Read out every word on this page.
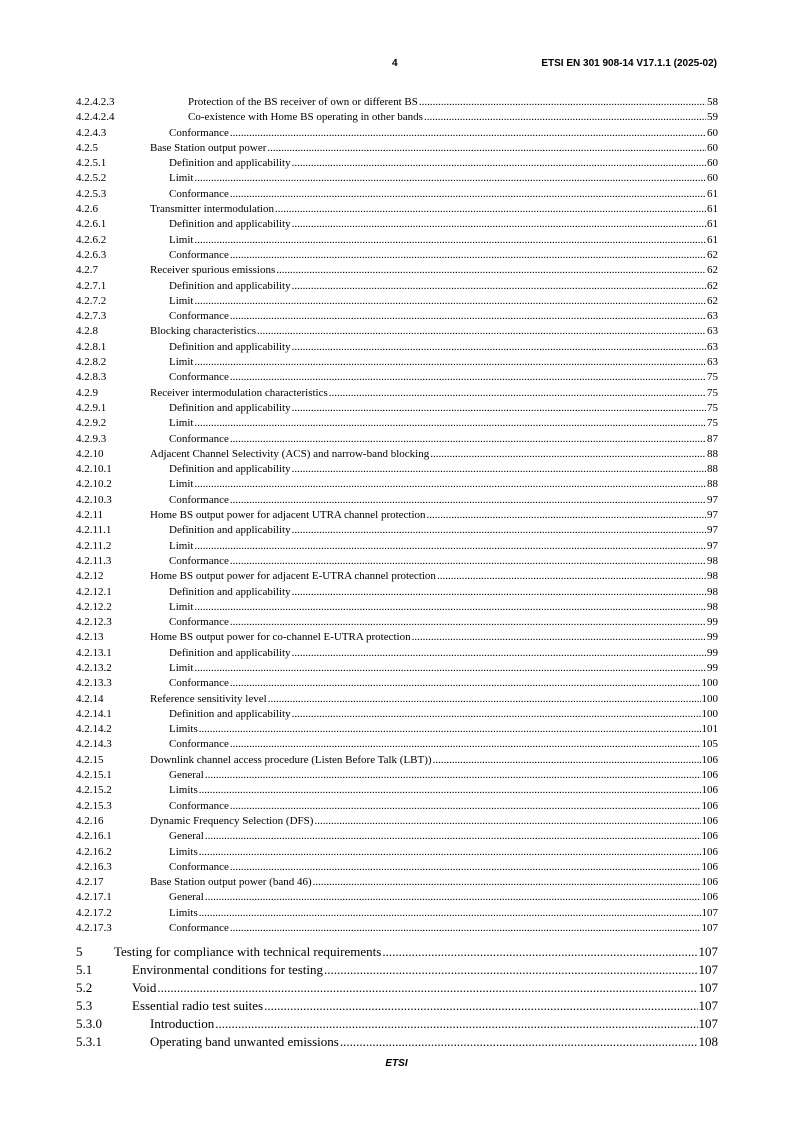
4	ETSI EN 301 908-14 V17.1.1 (2025-02)
4.2.4.2.3	Protection of the BS receiver of own or different BS .....	58
4.2.4.2.4	Co-existence with Home BS operating in other bands .....	59
4.2.4.3	Conformance .....	60
4.2.5	Base Station output power .....	60
4.2.5.1	Definition and applicability .....	60
4.2.5.2	Limit .....	60
4.2.5.3	Conformance .....	61
4.2.6	Transmitter intermodulation .....	61
4.2.6.1	Definition and applicability .....	61
4.2.6.2	Limit .....	61
4.2.6.3	Conformance .....	62
4.2.7	Receiver spurious emissions .....	62
4.2.7.1	Definition and applicability .....	62
4.2.7.2	Limit .....	62
4.2.7.3	Conformance .....	63
4.2.8	Blocking characteristics .....	63
4.2.8.1	Definition and applicability .....	63
4.2.8.2	Limit .....	63
4.2.8.3	Conformance .....	75
4.2.9	Receiver intermodulation characteristics .....	75
4.2.9.1	Definition and applicability .....	75
4.2.9.2	Limit .....	75
4.2.9.3	Conformance .....	87
4.2.10	Adjacent Channel Selectivity (ACS) and narrow-band blocking .....	88
4.2.10.1	Definition and applicability .....	88
4.2.10.2	Limit .....	88
4.2.10.3	Conformance .....	97
4.2.11	Home BS output power for adjacent UTRA channel protection .....	97
4.2.11.1	Definition and applicability .....	97
4.2.11.2	Limit .....	97
4.2.11.3	Conformance .....	98
4.2.12	Home BS output power for adjacent E-UTRA channel protection .....	98
4.2.12.1	Definition and applicability .....	98
4.2.12.2	Limit .....	98
4.2.12.3	Conformance .....	99
4.2.13	Home BS output power for co-channel E-UTRA protection .....	99
4.2.13.1	Definition and applicability .....	99
4.2.13.2	Limit .....	99
4.2.13.3	Conformance .....	100
4.2.14	Reference sensitivity level .....	100
4.2.14.1	Definition and applicability .....	100
4.2.14.2	Limits .....	101
4.2.14.3	Conformance .....	105
4.2.15	Downlink channel access procedure (Listen Before Talk (LBT)) .....	106
4.2.15.1	General .....	106
4.2.15.2	Limits .....	106
4.2.15.3	Conformance .....	106
4.2.16	Dynamic Frequency Selection (DFS) .....	106
4.2.16.1	General .....	106
4.2.16.2	Limits .....	106
4.2.16.3	Conformance .....	106
4.2.17	Base Station output power (band 46) .....	106
4.2.17.1	General .....	106
4.2.17.2	Limits .....	107
4.2.17.3	Conformance .....	107
5 Testing for compliance with technical requirements .....	107
5.1	Environmental conditions for testing .....	107
5.2	Void .....	107
5.3	Essential radio test suites .....	107
5.3.0	Introduction .....	107
5.3.1	Operating band unwanted emissions .....	108
ETSI
